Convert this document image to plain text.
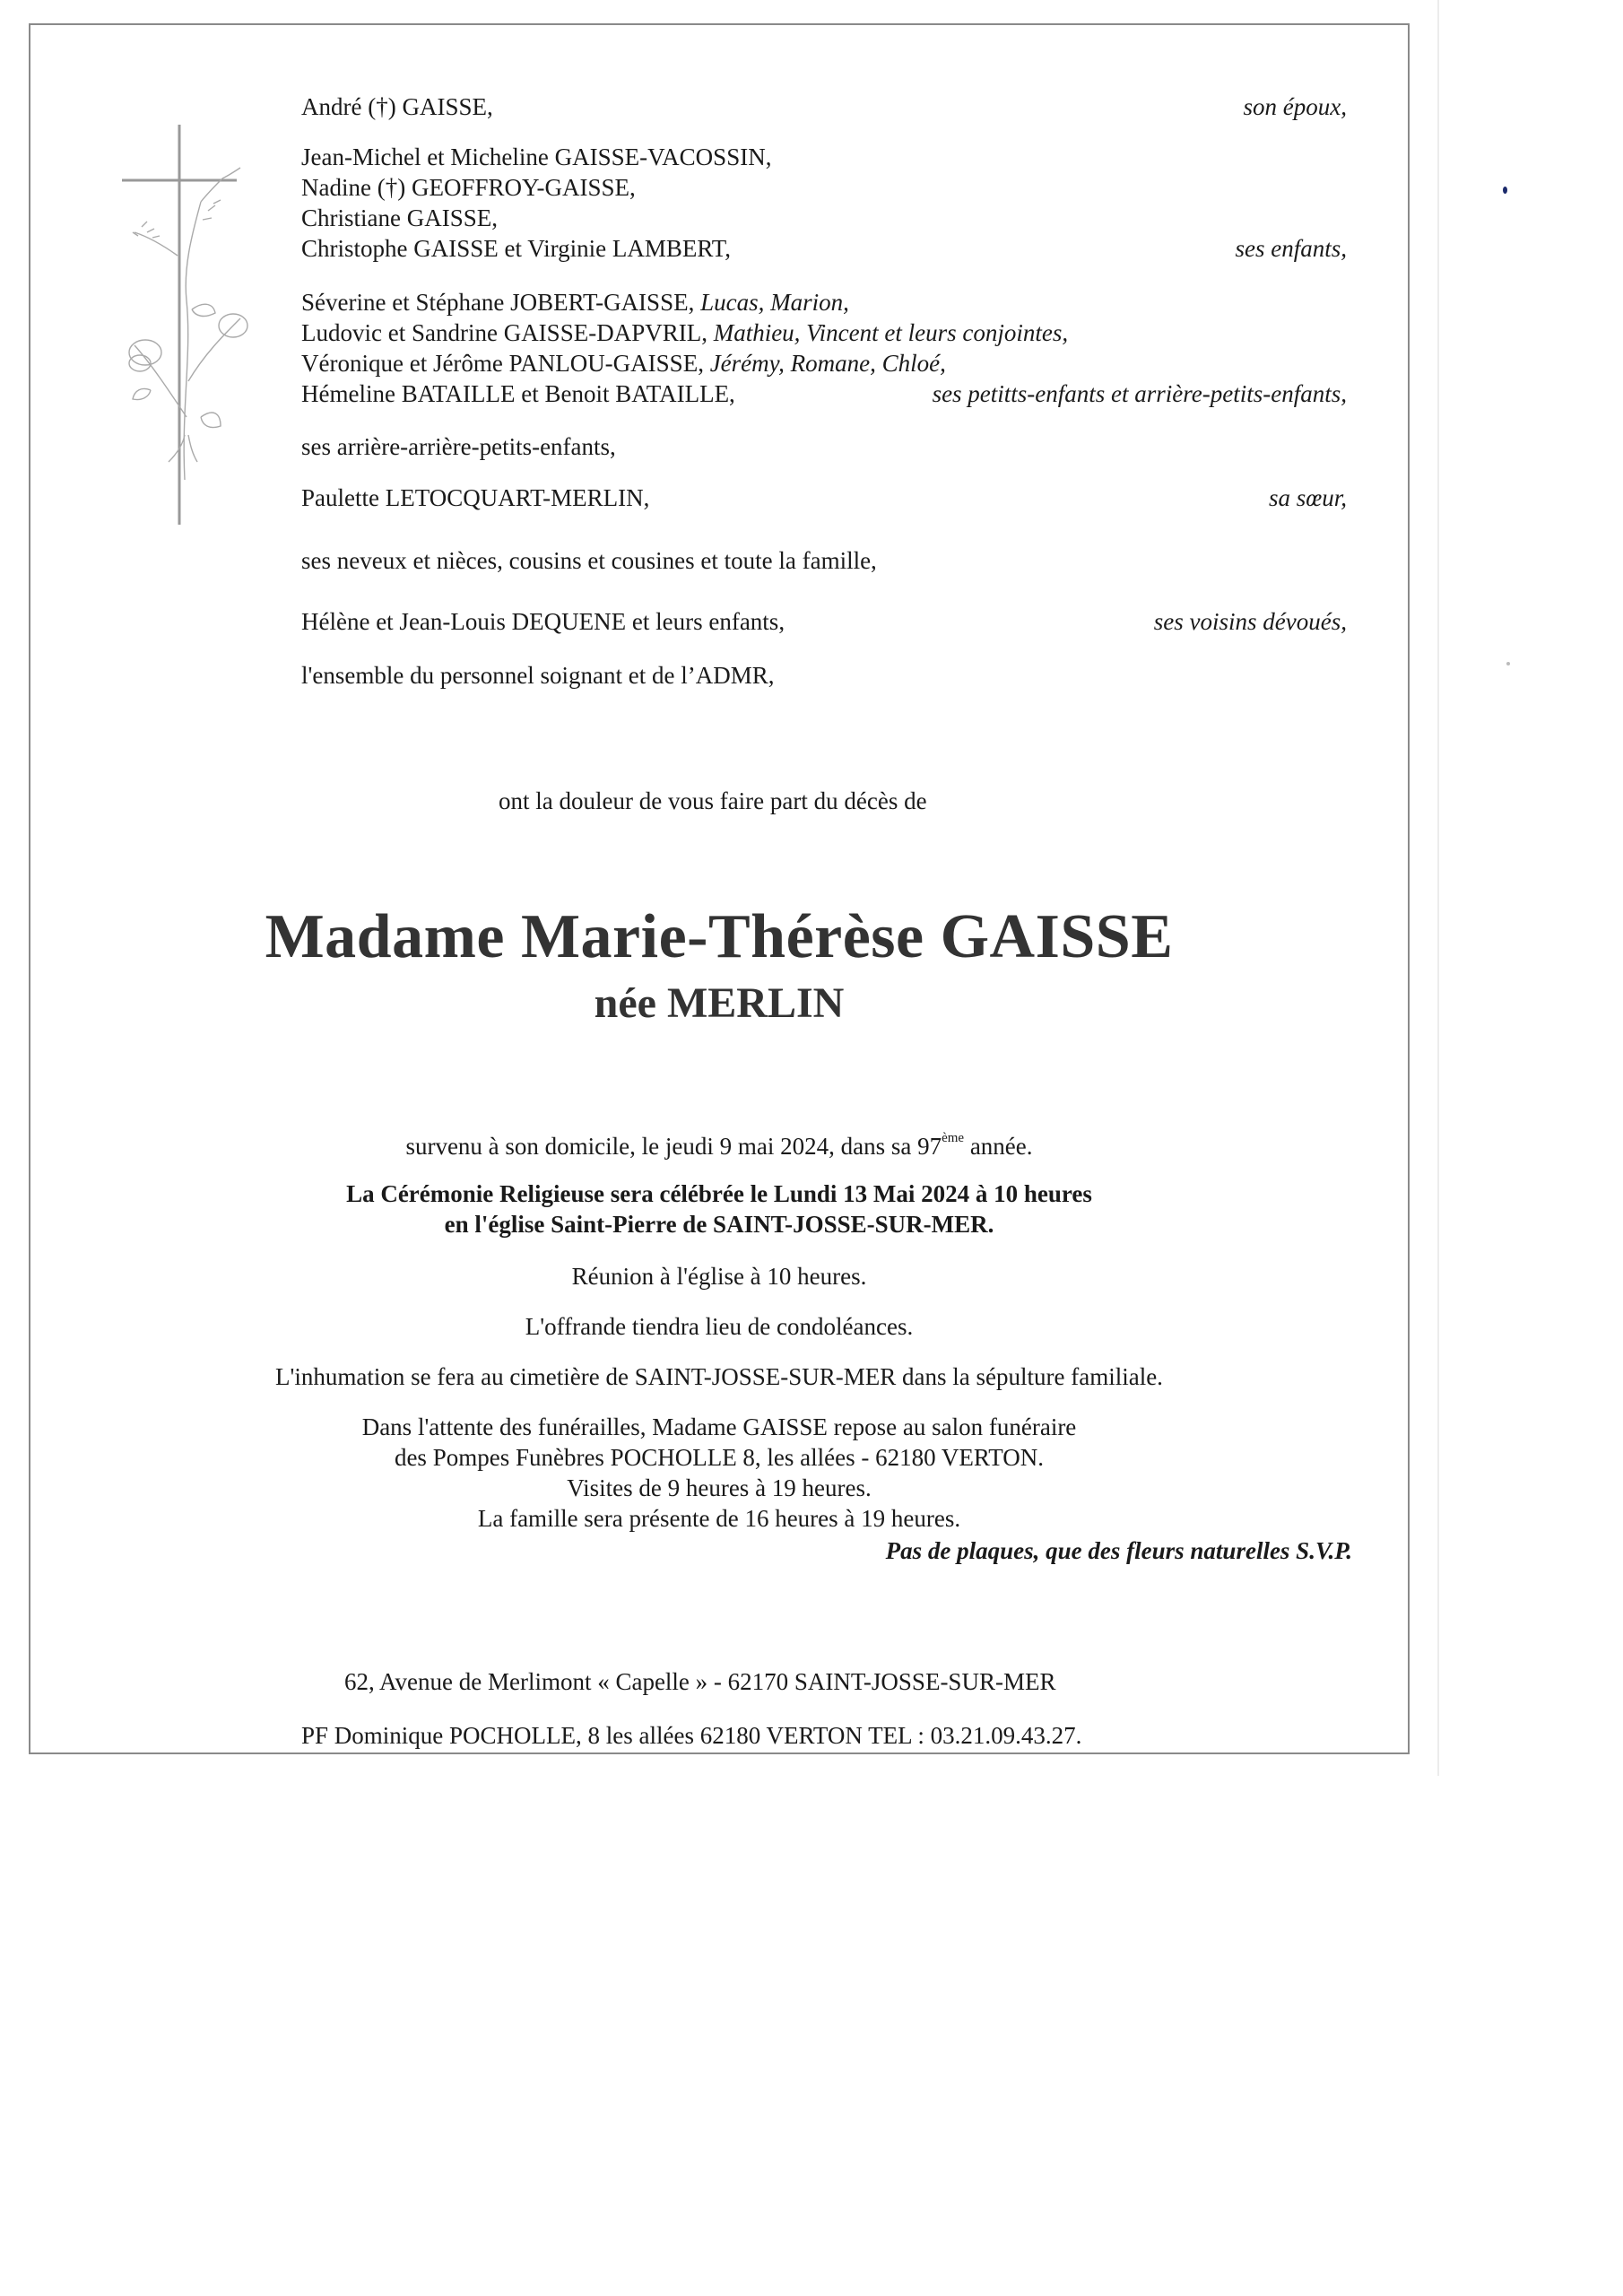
André (†) GAISSE,	son époux,
Jean-Michel et Micheline GAISSE-VACOSSIN,
Nadine (†) GEOFFROY-GAISSE,
Christiane GAISSE,
Christophe GAISSE et Virginie LAMBERT,	ses enfants,
Séverine et Stéphane JOBERT-GAISSE, Lucas, Marion,
Ludovic et Sandrine GAISSE-DAPVRIL, Mathieu, Vincent et leurs conjointes,
Véronique et Jérôme PANLOU-GAISSE, Jérémy, Romane, Chloé,
Hémeline BATAILLE et Benoit BATAILLE,	ses petitts-enfants et arrière-petits-enfants,
ses arrière-arrière-petits-enfants,
Paulette LETOCQUART-MERLIN,	sa sœur,
ses neveux et nièces, cousins et cousines et toute la famille,
Hélène et Jean-Louis DEQUENE et leurs enfants,	ses voisins dévoués,
l'ensemble du personnel soignant et de l’ADMR,
ont la douleur de vous faire part du décès de
Madame Marie-Thérèse GAISSE
née MERLIN
survenu à son domicile, le jeudi 9 mai 2024, dans sa 97ème année.
La Cérémonie Religieuse sera célébrée le Lundi 13 Mai 2024 à 10 heures
en l'église Saint-Pierre de SAINT-JOSSE-SUR-MER.
Réunion à l'église à 10 heures.
L'offrande tiendra lieu de condoléances.
L'inhumation se fera au cimetière de SAINT-JOSSE-SUR-MER dans la sépulture familiale.
Dans l'attente des funérailles, Madame GAISSE repose au salon funéraire
des Pompes Funèbres POCHOLLE 8, les allées - 62180 VERTON.
Visites de 9 heures à 19 heures.
La famille sera présente de 16 heures à 19 heures.
Pas de plaques, que des fleurs naturelles S.V.P.
62, Avenue de Merlimont « Capelle » - 62170 SAINT-JOSSE-SUR-MER
PF Dominique POCHOLLE, 8 les allées 62180 VERTON TEL : 03.21.09.43.27.
